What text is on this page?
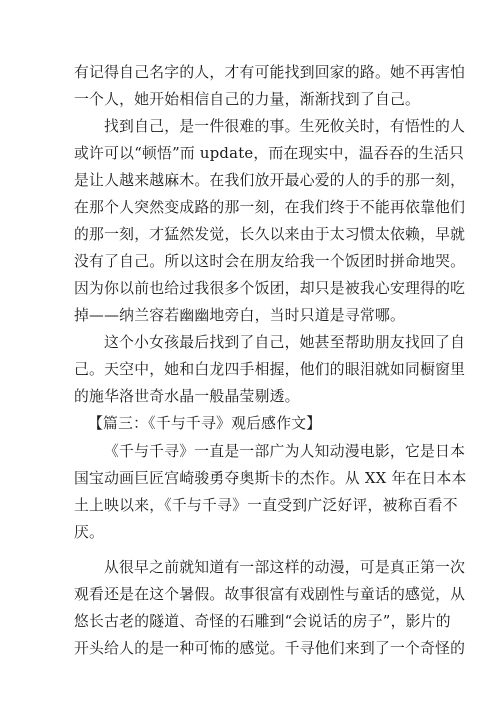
有记得自己名字的人，才有可能找到回家的路。她不再害怕
一个人，她开始相信自己的力量，渐渐找到了自己。
找到自己，是一件很难的事。生死攸关时，有悟性的人
或许可以“顿悟”而 update，而在现实中，温吞吞的生活只
是让人越来越麻木。在我们放开最心爱的人的手的那一刻，
在那个人突然变成路的那一刻，在我们终于不能再依靠他们
的那一刻，才猛然发觉，长久以来由于太习惯太依赖，早就
没有了自己。所以这时会在朋友给我一个饭团时拼命地哭。
因为你以前也给过我很多个饭团，却只是被我心安理得的吃
掉——纳兰容若幽幽地旁白，当时只道是寻常哪。
这个小女孩最后找到了自己，她甚至帮助朋友找回了自
己。天空中，她和白龙四手相握，他们的眼泪就如同橱窗里
的施华洛世奇水晶一般晶莹剔透。
【篇三：《千与千寻》观后感作文】
《千与千寻》一直是一部广为人知动漫电影，它是日本
国宝动画巨匠宫崎骏勇夺奥斯卡的杰作。从 XX 年在日本本
土上映以来，《千与千寻》一直受到广泛好评，被称百看不
厌。
从很早之前就知道有一部这样的动漫，可是真正第一次
观看还是在这个暑假。故事很富有戏剧性与童话的感觉，从
悠长古老的隧道、奇怪的石雕到“会说话的房子”，影片的
开头给人的是一种可怖的感觉。千寻他们来到了一个奇怪的
